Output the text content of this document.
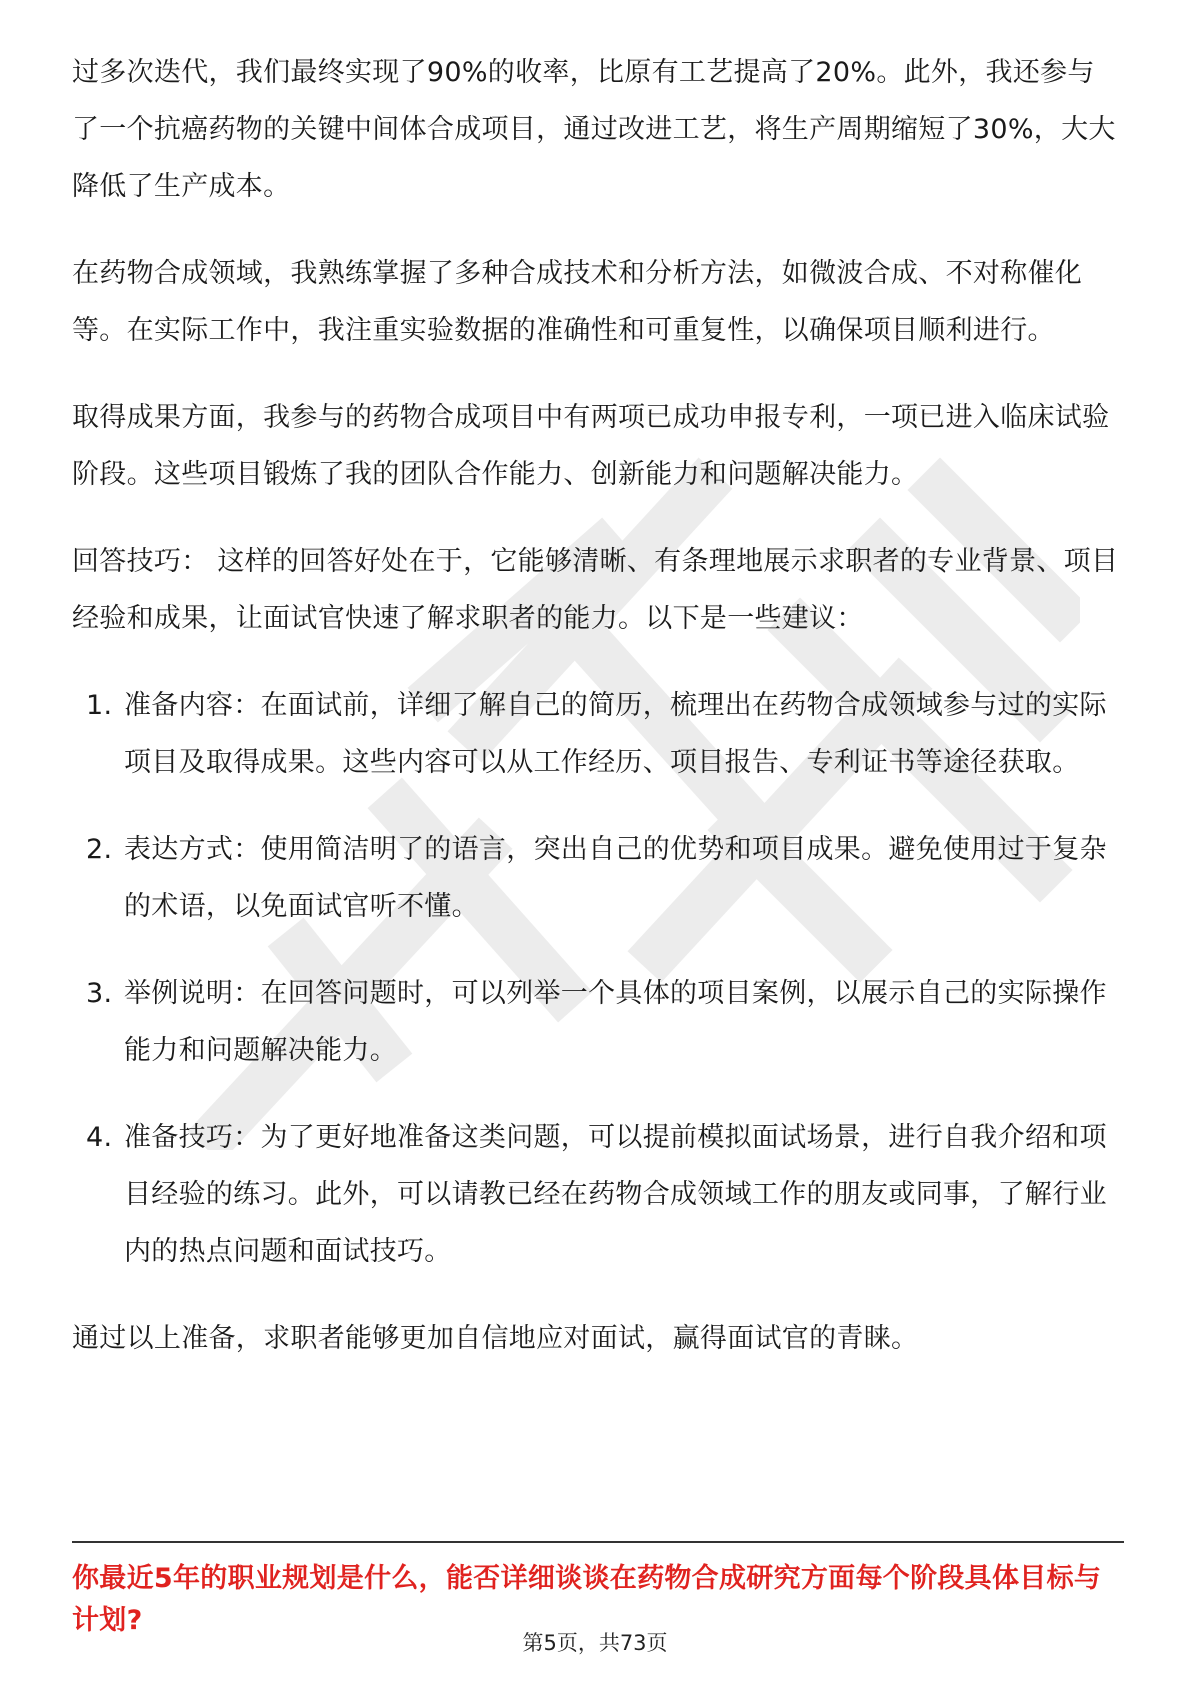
过多次迭代，我们最终实现了90%的收率，比原有工艺提高了20%。此外，我还参与了一个抗癌药物的关键中间体合成项目，通过改进工艺，将生产周期缩短了30%，大大降低了生产成本。

在药物合成领域，我熟练掌握了多种合成技术和分析方法，如微波合成、不对称催化等。在实际工作中，我注重实验数据的准确性和可重复性，以确保项目顺利进行。

取得成果方面，我参与的药物合成项目中有两项已成功申报专利，一项已进入临床试验阶段。这些项目锻炼了我的团队合作能力、创新能力和问题解决能力。

回答技巧： 这样的回答好处在于，它能够清晰、有条理地展示求职者的专业背景、项目经验和成果，让面试官快速了解求职者的能力。以下是一些建议：

1. 准备内容：在面试前，详细了解自己的简历，梳理出在药物合成领域参与过的实际项目及取得成果。这些内容可以从工作经历、项目报告、专利证书等途径获取。
2. 表达方式：使用简洁明了的语言，突出自己的优势和项目成果。避免使用过于复杂的术语，以免面试官听不懂。
3. 举例说明：在回答问题时，可以列举一个具体的项目案例，以展示自己的实际操作能力和问题解决能力。
4. 准备技巧：为了更好地准备这类问题，可以提前模拟面试场景，进行自我介绍和项目经验的练习。此外，可以请教已经在药物合成领域工作的朋友或同事，了解行业内的热点问题和面试技巧。

通过以上准备，求职者能够更加自信地应对面试，赢得面试官的青睐。

你最近5年的职业规划是什么，能否详细谈谈在药物合成研究方面每个阶段具体目标与计划?
第5页，共73页
